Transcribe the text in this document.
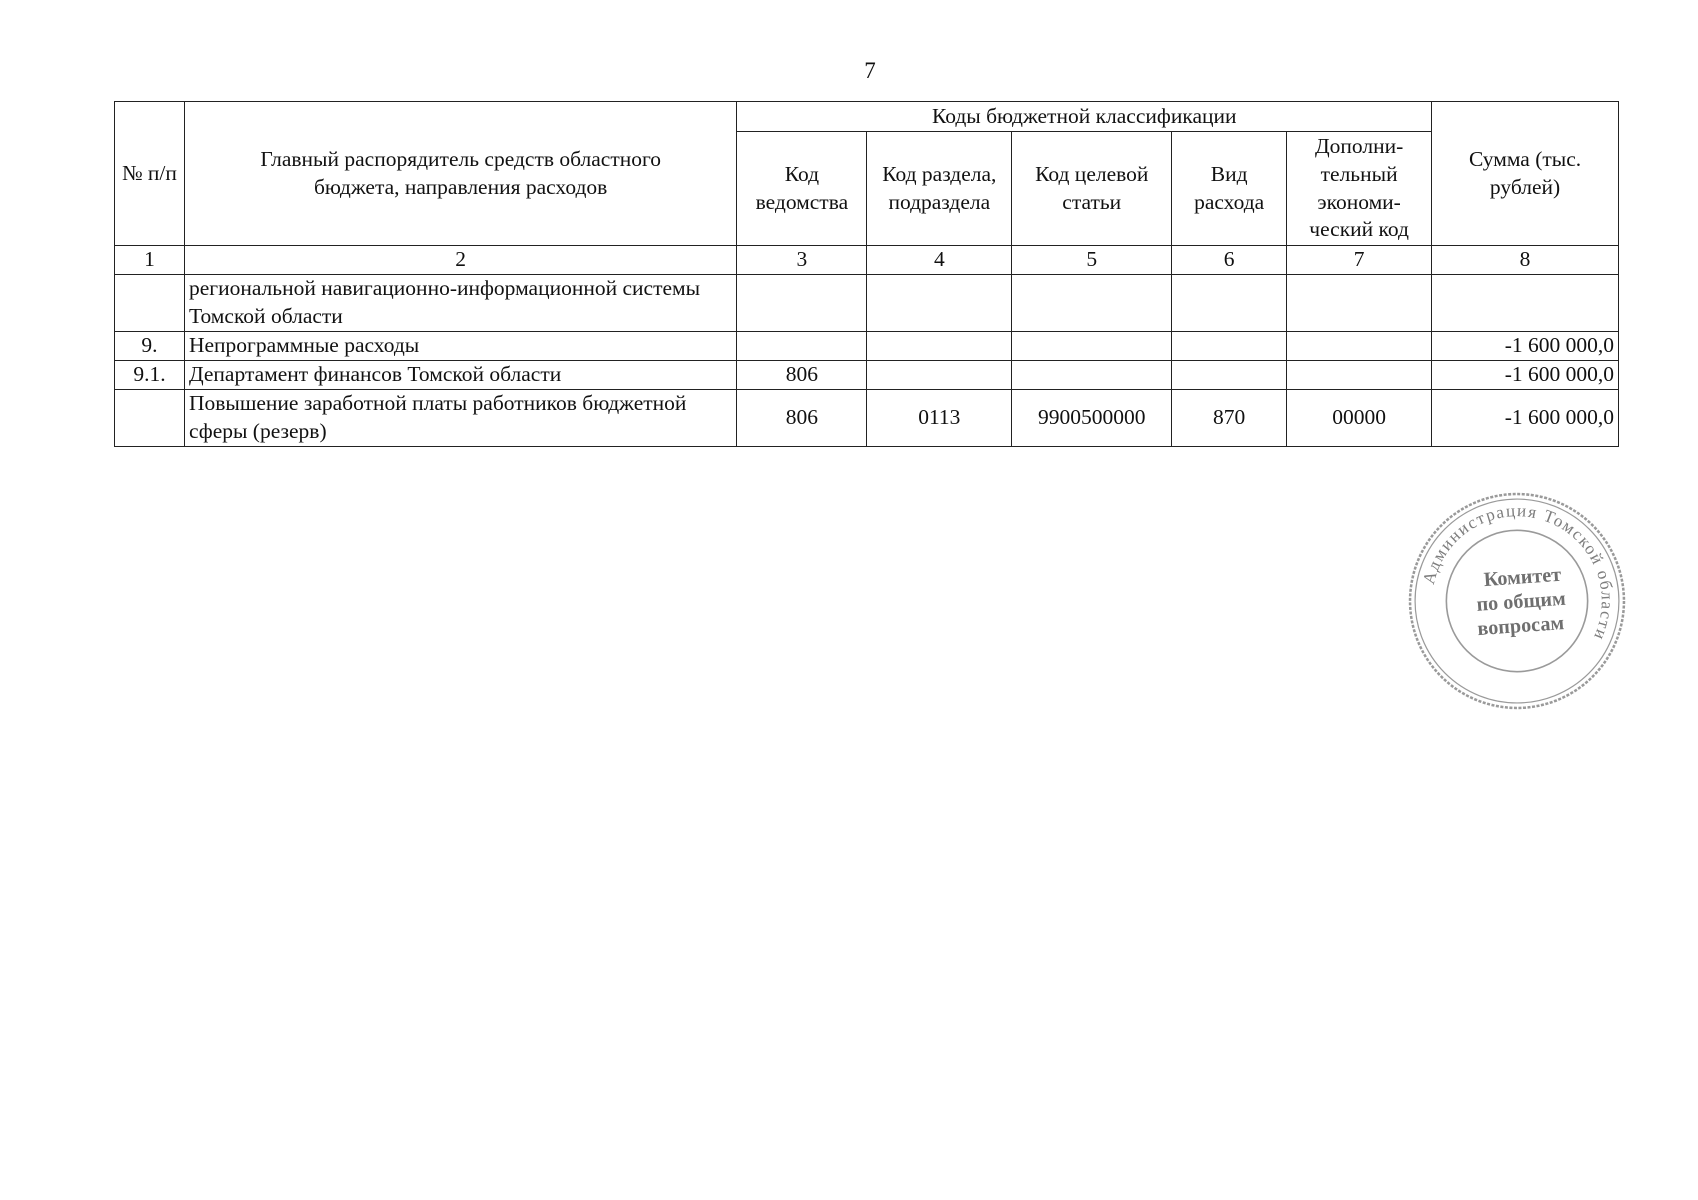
7
№ п/п	Главный распорядитель средств областного бюджета, направления расходов	Коды бюджетной классификации					Сумма (тыс. рублей)
		Код ведомства	Код раздела, подраздела	Код целевой статьи	Вид расхода	Дополни- тельный экономи- ческий код	
1	2	3	4	5	6	7	8
	региональной навигационно-информационной системы Томской области						
9.	Непрограммные расходы						-1 600 000,0
9.1.	Департамент финансов Томской области	806					-1 600 000,0
	Повышение заработной платы работников бюджетной сферы (резерв)	806	0113	9900500000	870	00000	-1 600 000,0
Администрация Томской области
Комитет
по общим
вопросам
